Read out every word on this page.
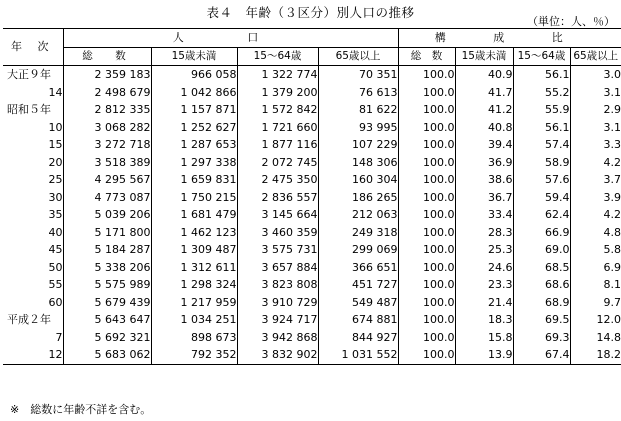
表４　年齢（３区分）別人口の推移
（単位：人、％）
年 次	人 口				構 成 比			
	総　数	15歳未満	15～64歳	65歳以上	総　数	15歳未満	15～64歳	65歳以上
大正９年	2 359 183	966 058	1 322 774	70 351	100.0	40.9	56.1	3.0
14	2 498 679	1 042 866	1 379 200	76 613	100.0	41.7	55.2	3.1
昭和５年	2 812 335	1 157 871	1 572 842	81 622	100.0	41.2	55.9	2.9
10	3 068 282	1 252 627	1 721 660	93 995	100.0	40.8	56.1	3.1
15	3 272 718	1 287 653	1 877 116	107 229	100.0	39.4	57.4	3.3
20	3 518 389	1 297 338	2 072 745	148 306	100.0	36.9	58.9	4.2
25	4 295 567	1 659 831	2 475 350	160 304	100.0	38.6	57.6	3.7
30	4 773 087	1 750 215	2 836 557	186 265	100.0	36.7	59.4	3.9
35	5 039 206	1 681 479	3 145 664	212 063	100.0	33.4	62.4	4.2
40	5 171 800	1 462 123	3 460 359	249 318	100.0	28.3	66.9	4.8
45	5 184 287	1 309 487	3 575 731	299 069	100.0	25.3	69.0	5.8
50	5 338 206	1 312 611	3 657 884	366 651	100.0	24.6	68.5	6.9
55	5 575 989	1 298 324	3 823 808	451 727	100.0	23.3	68.6	8.1
60	5 679 439	1 217 959	3 910 729	549 487	100.0	21.4	68.9	9.7
平成２年	5 643 647	1 034 251	3 924 717	674 881	100.0	18.3	69.5	12.0
7	5 692 321	898 673	3 942 868	844 927	100.0	15.8	69.3	14.8
12	5 683 062	792 352	3 832 902	1 031 552	100.0	13.9	67.4	18.2
※　総数に年齢不詳を含む。
